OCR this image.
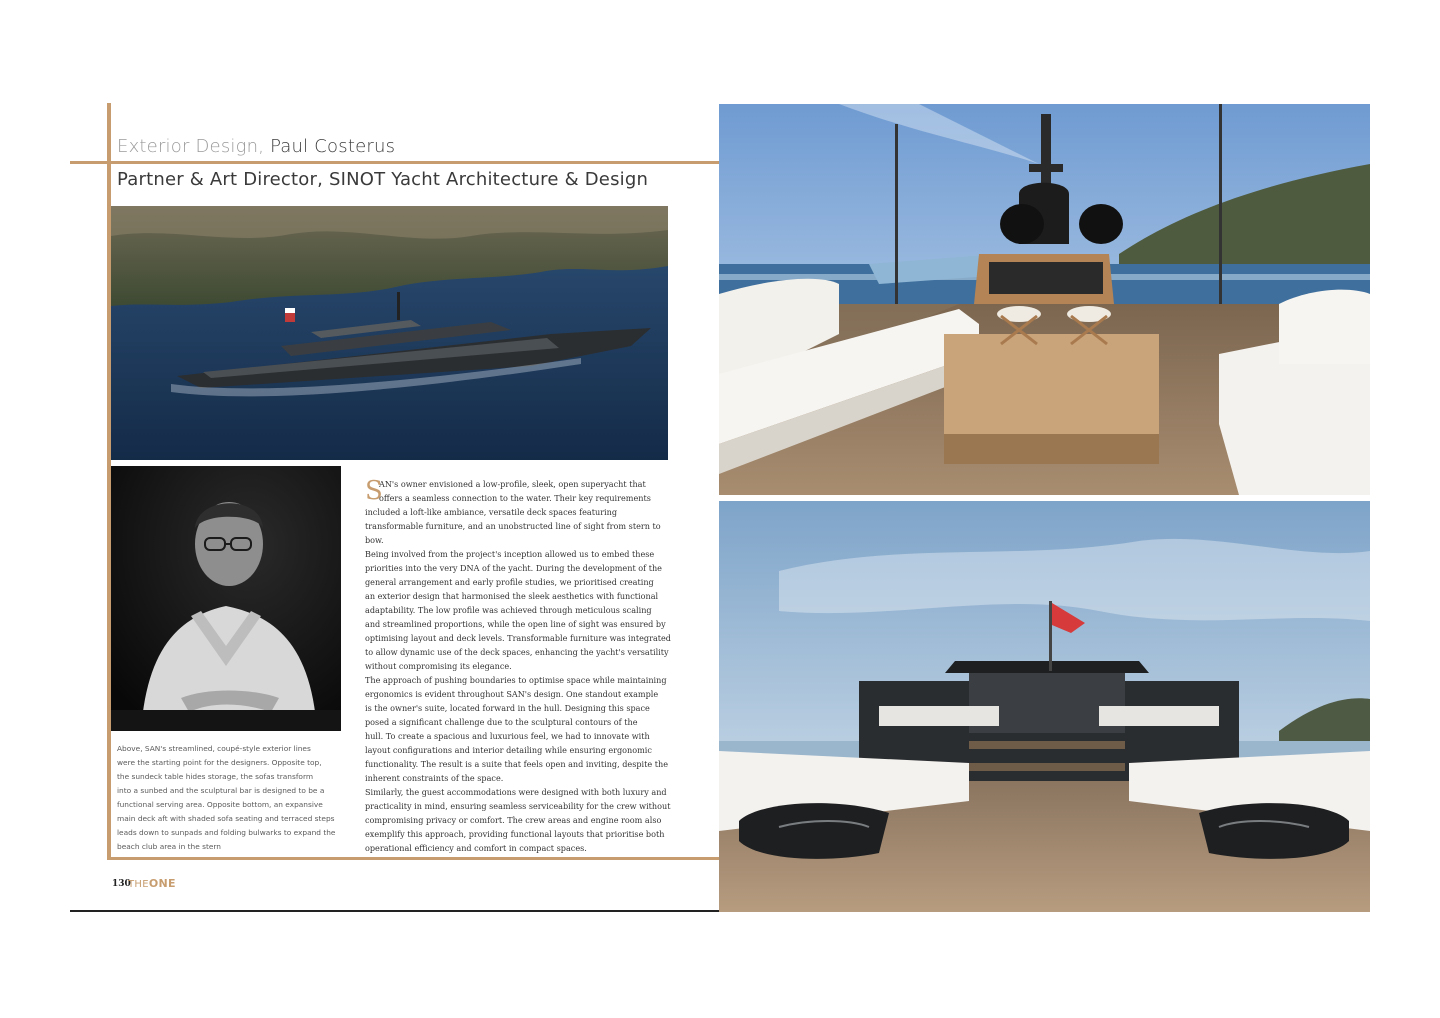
Exterior Design, Paul Costerus
Partner & Art Director, SINOT Yacht Architecture & Design
Above, SAN's streamlined, coupé-style exterior lines
were the starting point for the designers. Opposite top,
the sundeck table hides storage, the sofas transform
into a sunbed and the sculptural bar is designed to be a
functional serving area. Opposite bottom, an expansive
main deck aft with shaded sofa seating and terraced steps
leads down to sunpads and folding bulwarks to expand the
beach club area in the stern
S
AN's owner envisioned a low-profile, sleek, open superyacht that
offers a seamless connection to the water. Their key requirements
included a loft-like ambiance, versatile deck spaces featuring
transformable furniture, and an unobstructed line of sight from stern to
bow.
Being involved from the project's inception allowed us to embed these
priorities into the very DNA of the yacht. During the development of the
general arrangement and early profile studies, we prioritised creating
an exterior design that harmonised the sleek aesthetics with functional
adaptability. The low profile was achieved through meticulous scaling
and streamlined proportions, while the open line of sight was ensured by
optimising layout and deck levels. Transformable furniture was integrated
to allow dynamic use of the deck spaces, enhancing the yacht's versatility
without compromising its elegance.
The approach of pushing boundaries to optimise space while maintaining
ergonomics is evident throughout SAN's design. One standout example
is the owner's suite, located forward in the hull. Designing this space
posed a significant challenge due to the sculptural contours of the
hull. To create a spacious and luxurious feel, we had to innovate with
layout configurations and interior detailing while ensuring ergonomic
functionality. The result is a suite that feels open and inviting, despite the
inherent constraints of the space.
Similarly, the guest accommodations were designed with both luxury and
practicality in mind, ensuring seamless serviceability for the crew without
compromising privacy or comfort. The crew areas and engine room also
exemplify this approach, providing functional layouts that prioritise both
operational efficiency and comfort in compact spaces.
130
THEONE
